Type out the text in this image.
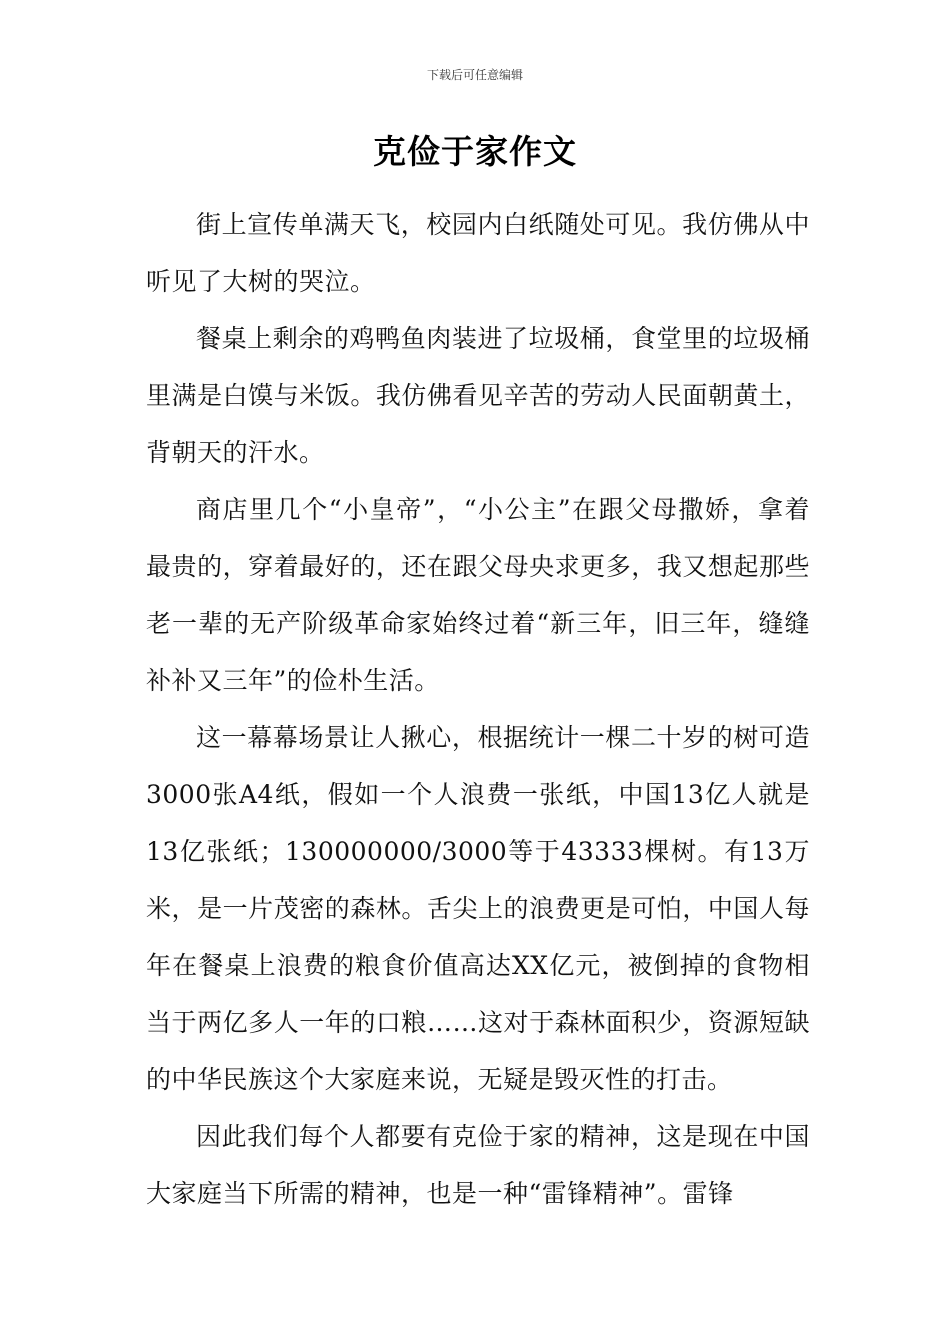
下载后可任意编辑
克俭于家作文

街上宣传单满天飞，校园内白纸随处可见。我仿佛从中听见了大树的哭泣。

餐桌上剩余的鸡鸭鱼肉装进了垃圾桶，食堂里的垃圾桶里满是白馍与米饭。我仿佛看见辛苦的劳动人民面朝黄土，背朝天的汗水。

商店里几个“小皇帝”，“小公主”在跟父母撒娇，拿着最贵的，穿着最好的，还在跟父母央求更多，我又想起那些老一辈的无产阶级革命家始终过着“新三年，旧三年，缝缝补补又三年”的俭朴生活。

这一幕幕场景让人揪心，根据统计一棵二十岁的树可造3000张A4纸，假如一个人浪费一张纸，中国13亿人就是13亿张纸；130000000/3000等于43333棵树。有13万米，是一片茂密的森林。舌尖上的浪费更是可怕，中国人每年在餐桌上浪费的粮食价值高达XX亿元，被倒掉的食物相当于两亿多人一年的口粮……这对于森林面积少，资源短缺的中华民族这个大家庭来说，无疑是毁灭性的打击。

因此我们每个人都要有克俭于家的精神，这是现在中国大家庭当下所需的精神，也是一种“雷锋精神”。雷锋
